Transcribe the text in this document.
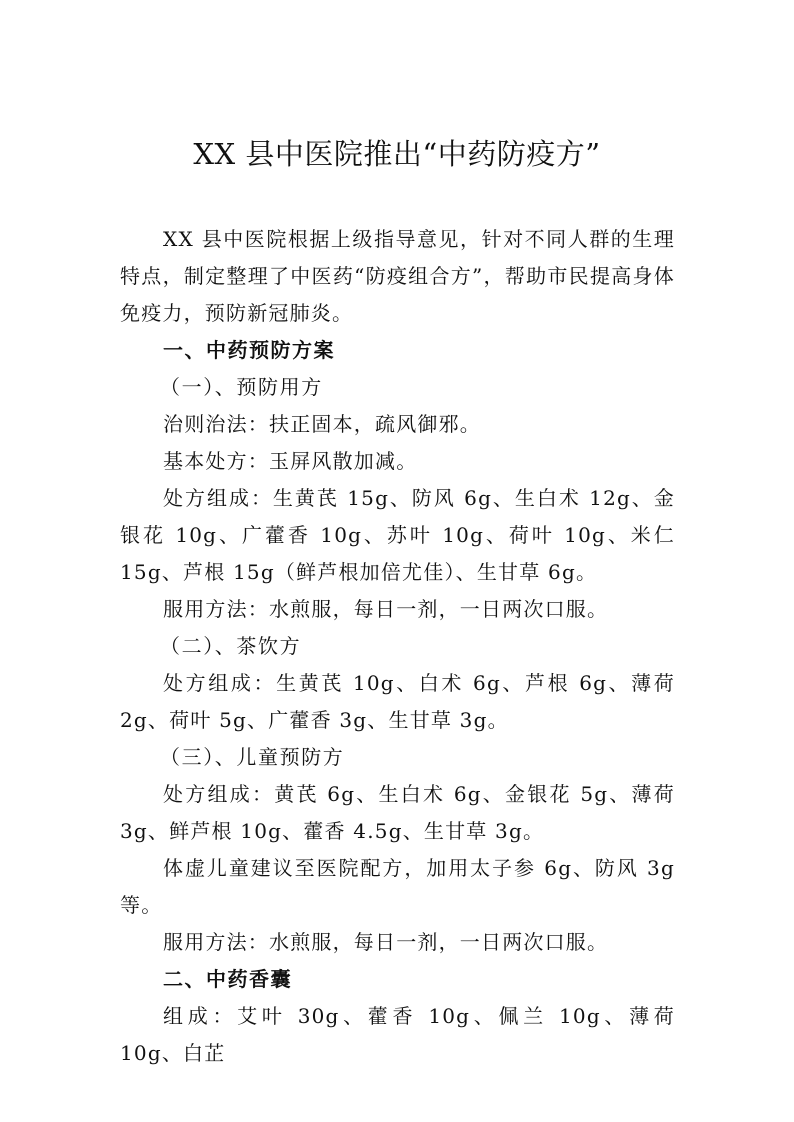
XX 县中医院推出“中药防疫方”

XX 县中医院根据上级指导意见，针对不同人群的生理特点，制定整理了中医药“防疫组合方”，帮助市民提高身体免疫力，预防新冠肺炎。

一、中药预防方案

（一）、预防用方

治则治法：扶正固本，疏风御邪。

基本处方：玉屏风散加减。

处方组成：生黄芪 15g、防风 6g、生白术 12g、金银花 10g、广藿香 10g、苏叶 10g、荷叶 10g、米仁 15g、芦根 15g（鲜芦根加倍尤佳）、生甘草 6g。

服用方法：水煎服，每日一剂，一日两次口服。

（二）、茶饮方

处方组成：生黄芪 10g、白术 6g、芦根 6g、薄荷 2g、荷叶 5g、广藿香 3g、生甘草 3g。

（三）、儿童预防方

处方组成：黄芪 6g、生白术 6g、金银花 5g、薄荷 3g、鲜芦根 10g、藿香 4.5g、生甘草 3g。

体虚儿童建议至医院配方，加用太子参 6g、防风 3g 等。

服用方法：水煎服，每日一剂，一日两次口服。

二、中药香囊

组成：艾叶 30g、藿香 10g、佩兰 10g、薄荷 10g、白芷
